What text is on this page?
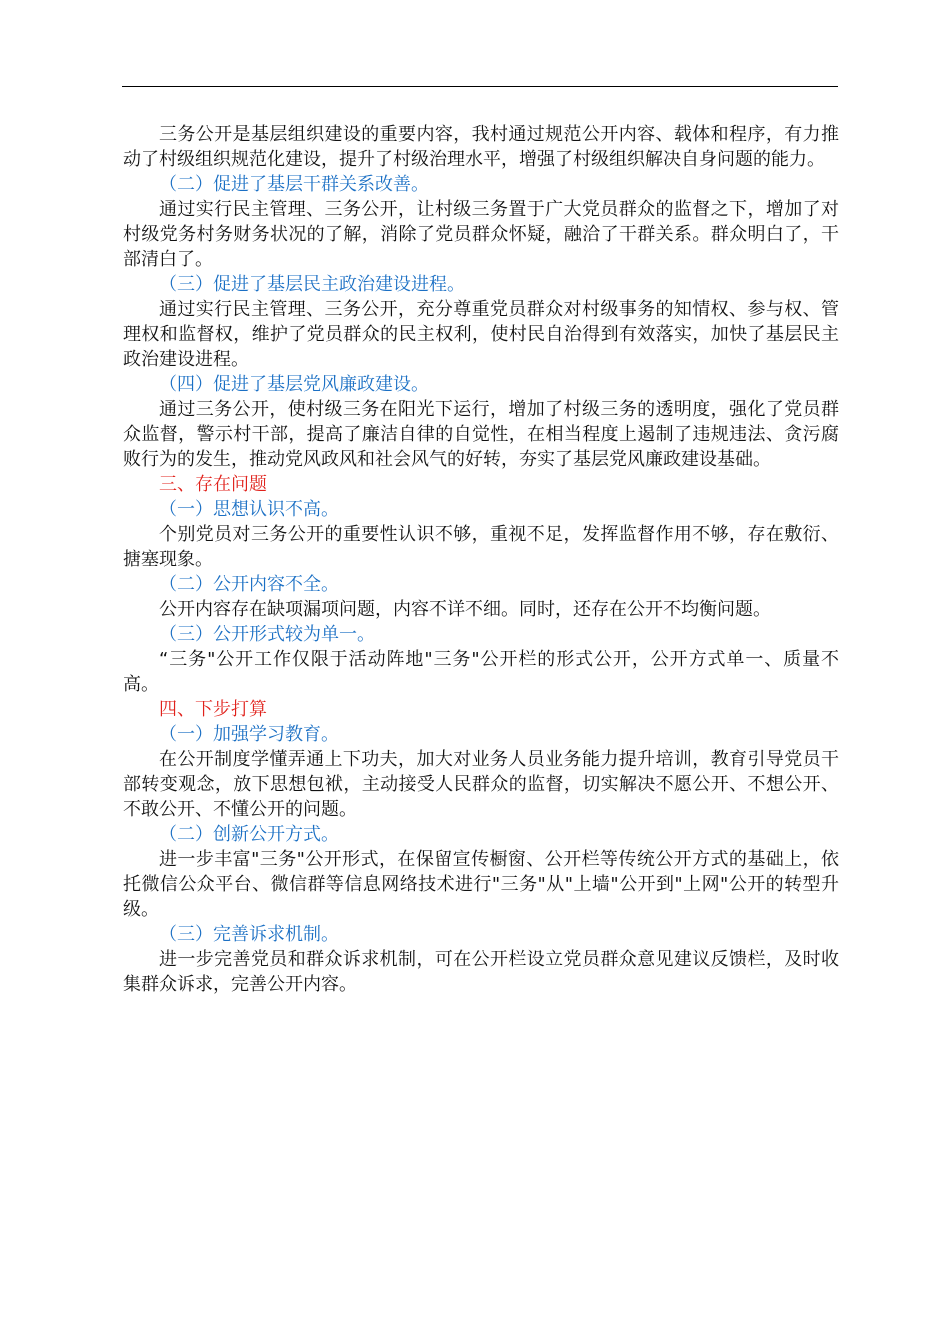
三务公开是基层组织建设的重要内容，我村通过规范公开内容、载体和程序，有力推动了村级组织规范化建设，提升了村级治理水平，增强了村级组织解决自身问题的能力。

（二）促进了基层干群关系改善。

通过实行民主管理、三务公开，让村级三务置于广大党员群众的监督之下，增加了对村级党务村务财务状况的了解，消除了党员群众怀疑，融洽了干群关系。群众明白了，干部清白了。

（三）促进了基层民主政治建设进程。

通过实行民主管理、三务公开，充分尊重党员群众对村级事务的知情权、参与权、管理权和监督权，维护了党员群众的民主权利，使村民自治得到有效落实，加快了基层民主政治建设进程。

（四）促进了基层党风廉政建设。

通过三务公开，使村级三务在阳光下运行，增加了村级三务的透明度，强化了党员群众监督，警示村干部，提高了廉洁自律的自觉性，在相当程度上遏制了违规违法、贪污腐败行为的发生，推动党风政风和社会风气的好转，夯实了基层党风廉政建设基础。

三、存在问题

（一）思想认识不高。

个别党员对三务公开的重要性认识不够，重视不足，发挥监督作用不够，存在敷衍、搪塞现象。

（二）公开内容不全。

公开内容存在缺项漏项问题，内容不详不细。同时，还存在公开不均衡问题。

（三）公开形式较为单一。

“三务"公开工作仅限于活动阵地"三务"公开栏的形式公开，公开方式单一、质量不高。

四、下步打算

（一）加强学习教育。

在公开制度学懂弄通上下功夫，加大对业务人员业务能力提升培训，教育引导党员干部转变观念，放下思想包袱，主动接受人民群众的监督，切实解决不愿公开、不想公开、不敢公开、不懂公开的问题。

（二）创新公开方式。

进一步丰富"三务"公开形式，在保留宣传橱窗、公开栏等传统公开方式的基础上，依托微信公众平台、微信群等信息网络技术进行"三务"从"上墙"公开到"上网"公开的转型升级。

（三）完善诉求机制。

进一步完善党员和群众诉求机制，可在公开栏设立党员群众意见建议反馈栏，及时收集群众诉求，完善公开内容。
